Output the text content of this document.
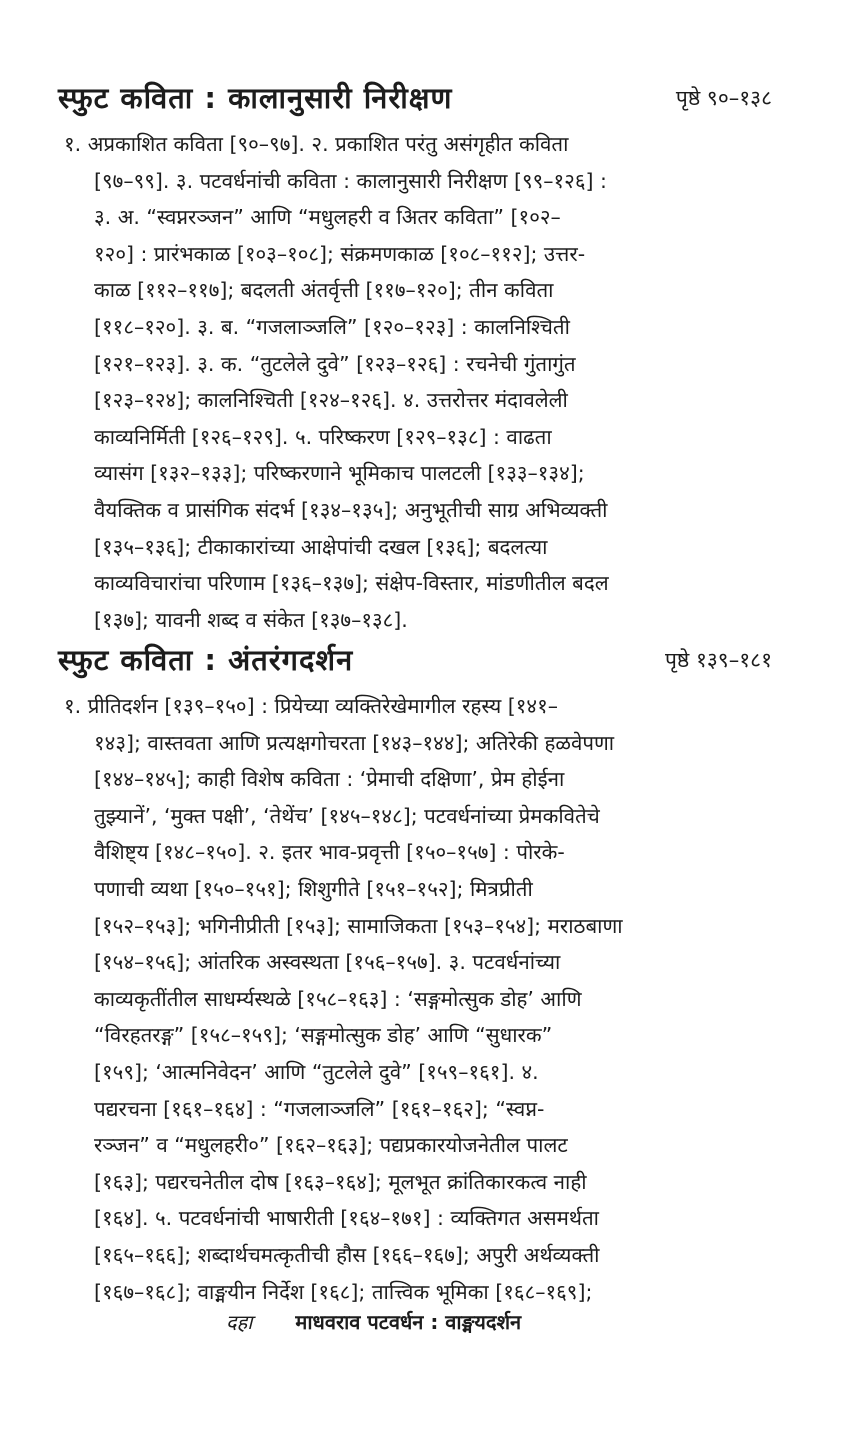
स्फुट कविता : कालानुसारी निरीक्षण	पृष्ठे ९०–१३८
१. अप्रकाशित कविता [९०–९७]. २. प्रकाशित परंतु असंगृहीत कविता
[९७–९९]. ३. पटवर्धनांची कविता : कालानुसारी निरीक्षण [९९–१२६] :
३. अ. “स्वप्नरञ्जन” आणि “मधुलहरी व अितर कविता” [१०२–
१२०] : प्रारंभकाळ [१०३–१०८]; संक्रमणकाळ [१०८–११२]; उत्तर-
काळ [११२–११७]; बदलती अंतर्वृत्ती [११७–१२०]; तीन कविता
[११८–१२०]. ३. ब. “गजलाञ्जलि” [१२०–१२३] : कालनिश्चिती
[१२१–१२३]. ३. क. “तुटलेले दुवे” [१२३–१२६] : रचनेची गुंतागुंत
[१२३–१२४]; कालनिश्चिती [१२४–१२६]. ४. उत्तरोत्तर मंदावलेली
काव्यनिर्मिती [१२६–१२९]. ५. परिष्करण [१२९–१३८] : वाढता
व्यासंग [१३२–१३३]; परिष्करणाने भूमिकाच पालटली [१३३–१३४];
वैयक्तिक व प्रासंगिक संदर्भ [१३४–१३५]; अनुभूतीची साग्र अभिव्यक्ती
[१३५–१३६]; टीकाकारांच्या आक्षेपांची दखल [१३६]; बदलत्या
काव्यविचारांचा परिणाम [१३६–१३७]; संक्षेप-विस्तार, मांडणीतील बदल
[१३७]; यावनी शब्द व संकेत [१३७–१३८].
स्फुट कविता : अंतरंगदर्शन	पृष्ठे १३९–१८१
१. प्रीतिदर्शन [१३९–१५०] : प्रियेच्या व्यक्तिरेखेमागील रहस्य [१४१–
१४३]; वास्तवता आणि प्रत्यक्षगोचरता [१४३–१४४]; अतिरेकी हळवेपणा
[१४४–१४५]; काही विशेष कविता : ‘प्रेमाची दक्षिणा’, प्रेम होईना
तुझ्यानें’, ‘मुक्त पक्षी’, ‘तेथेंच’ [१४५–१४८]; पटवर्धनांच्या प्रेमकवितेचे
वैशिष्ट्य [१४८–१५०]. २. इतर भाव-प्रवृत्ती [१५०–१५७] : पोरके-
पणाची व्यथा [१५०–१५१]; शिशुगीते [१५१–१५२]; मित्रप्रीती
[१५२–१५३]; भगिनीप्रीती [१५३]; सामाजिकता [१५३–१५४]; मराठबाणा
[१५४–१५६]; आंतरिक अस्वस्थता [१५६–१५७]. ३. पटवर्धनांच्या
काव्यकृतींतील साधर्म्यस्थळे [१५८–१६३] : ‘सङ्गमोत्सुक डोह’ आणि
“विरहतरङ्ग” [१५८–१५९]; ‘सङ्गमोत्सुक डोह’ आणि “सुधारक”
[१५९]; ‘आत्मनिवेदन’ आणि “तुटलेले दुवे” [१५९–१६१]. ४.
पद्यरचना [१६१–१६४] : “गजलाञ्जलि” [१६१–१६२]; “स्वप्न-
रञ्जन” व “मधुलहरी०” [१६२–१६३]; पद्यप्रकारयोजनेतील पालट
[१६३]; पद्यरचनेतील दोष [१६३–१६४]; मूलभूत क्रांतिकारकत्व नाही
[१६४]. ५. पटवर्धनांची भाषारीती [१६४–१७१] : व्यक्तिगत असमर्थता
[१६५–१६६]; शब्दार्थचमत्कृतीची हौस [१६६–१६७]; अपुरी अर्थव्यक्ती
[१६७–१६८]; वाङ्मयीन निर्देश [१६८]; तात्त्विक भूमिका [१६८–१६९];
दहा माधवराव पटवर्धन : वाङ्मयदर्शन
